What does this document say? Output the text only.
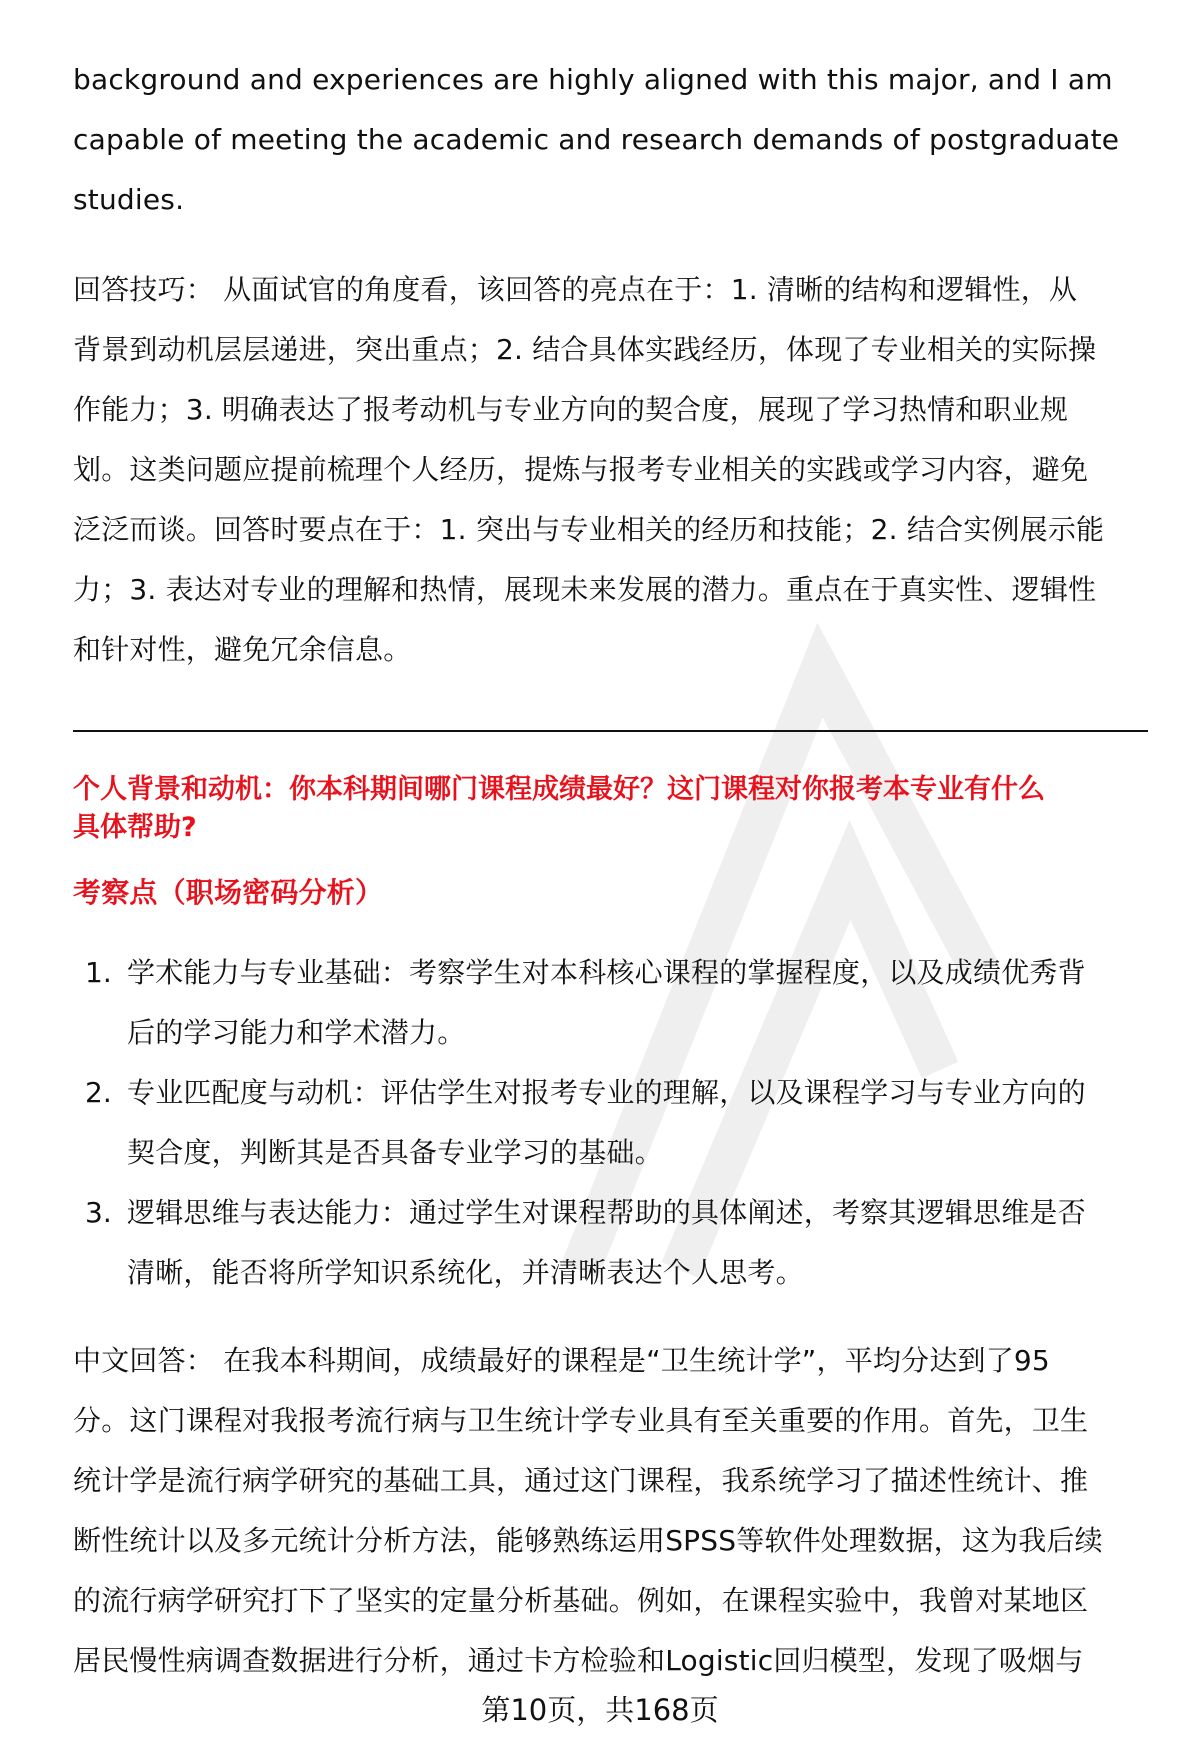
background and experiences are highly aligned with this major, and I am
capable of meeting the academic and research demands of postgraduate
studies.
回答技巧： 从面试官的角度看，该回答的亮点在于：1. 清晰的结构和逻辑性，从
背景到动机层层递进，突出重点；2. 结合具体实践经历，体现了专业相关的实际操
作能力；3. 明确表达了报考动机与专业方向的契合度，展现了学习热情和职业规
划。这类问题应提前梳理个人经历，提炼与报考专业相关的实践或学习内容，避免
泛泛而谈。回答时要点在于：1. 突出与专业相关的经历和技能；2. 结合实例展示能
力；3. 表达对专业的理解和热情，展现未来发展的潜力。重点在于真实性、逻辑性
和针对性，避免冗余信息。
个人背景和动机：你本科期间哪门课程成绩最好？这门课程对你报考本专业有什么
具体帮助?
考察点（职场密码分析）
1. 学术能力与专业基础：考察学生对本科核心课程的掌握程度，以及成绩优秀背
后的学习能力和学术潜力。
2. 专业匹配度与动机：评估学生对报考专业的理解，以及课程学习与专业方向的
契合度，判断其是否具备专业学习的基础。
3. 逻辑思维与表达能力：通过学生对课程帮助的具体阐述，考察其逻辑思维是否
清晰，能否将所学知识系统化，并清晰表达个人思考。
中文回答： 在我本科期间，成绩最好的课程是“卫生统计学”，平均分达到了95
分。这门课程对我报考流行病与卫生统计学专业具有至关重要的作用。首先，卫生
统计学是流行病学研究的基础工具，通过这门课程，我系统学习了描述性统计、推
断性统计以及多元统计分析方法，能够熟练运用SPSS等软件处理数据，这为我后续
的流行病学研究打下了坚实的定量分析基础。例如，在课程实验中，我曾对某地区
居民慢性病调查数据进行分析，通过卡方检验和Logistic回归模型，发现了吸烟与
第10页，共168页
